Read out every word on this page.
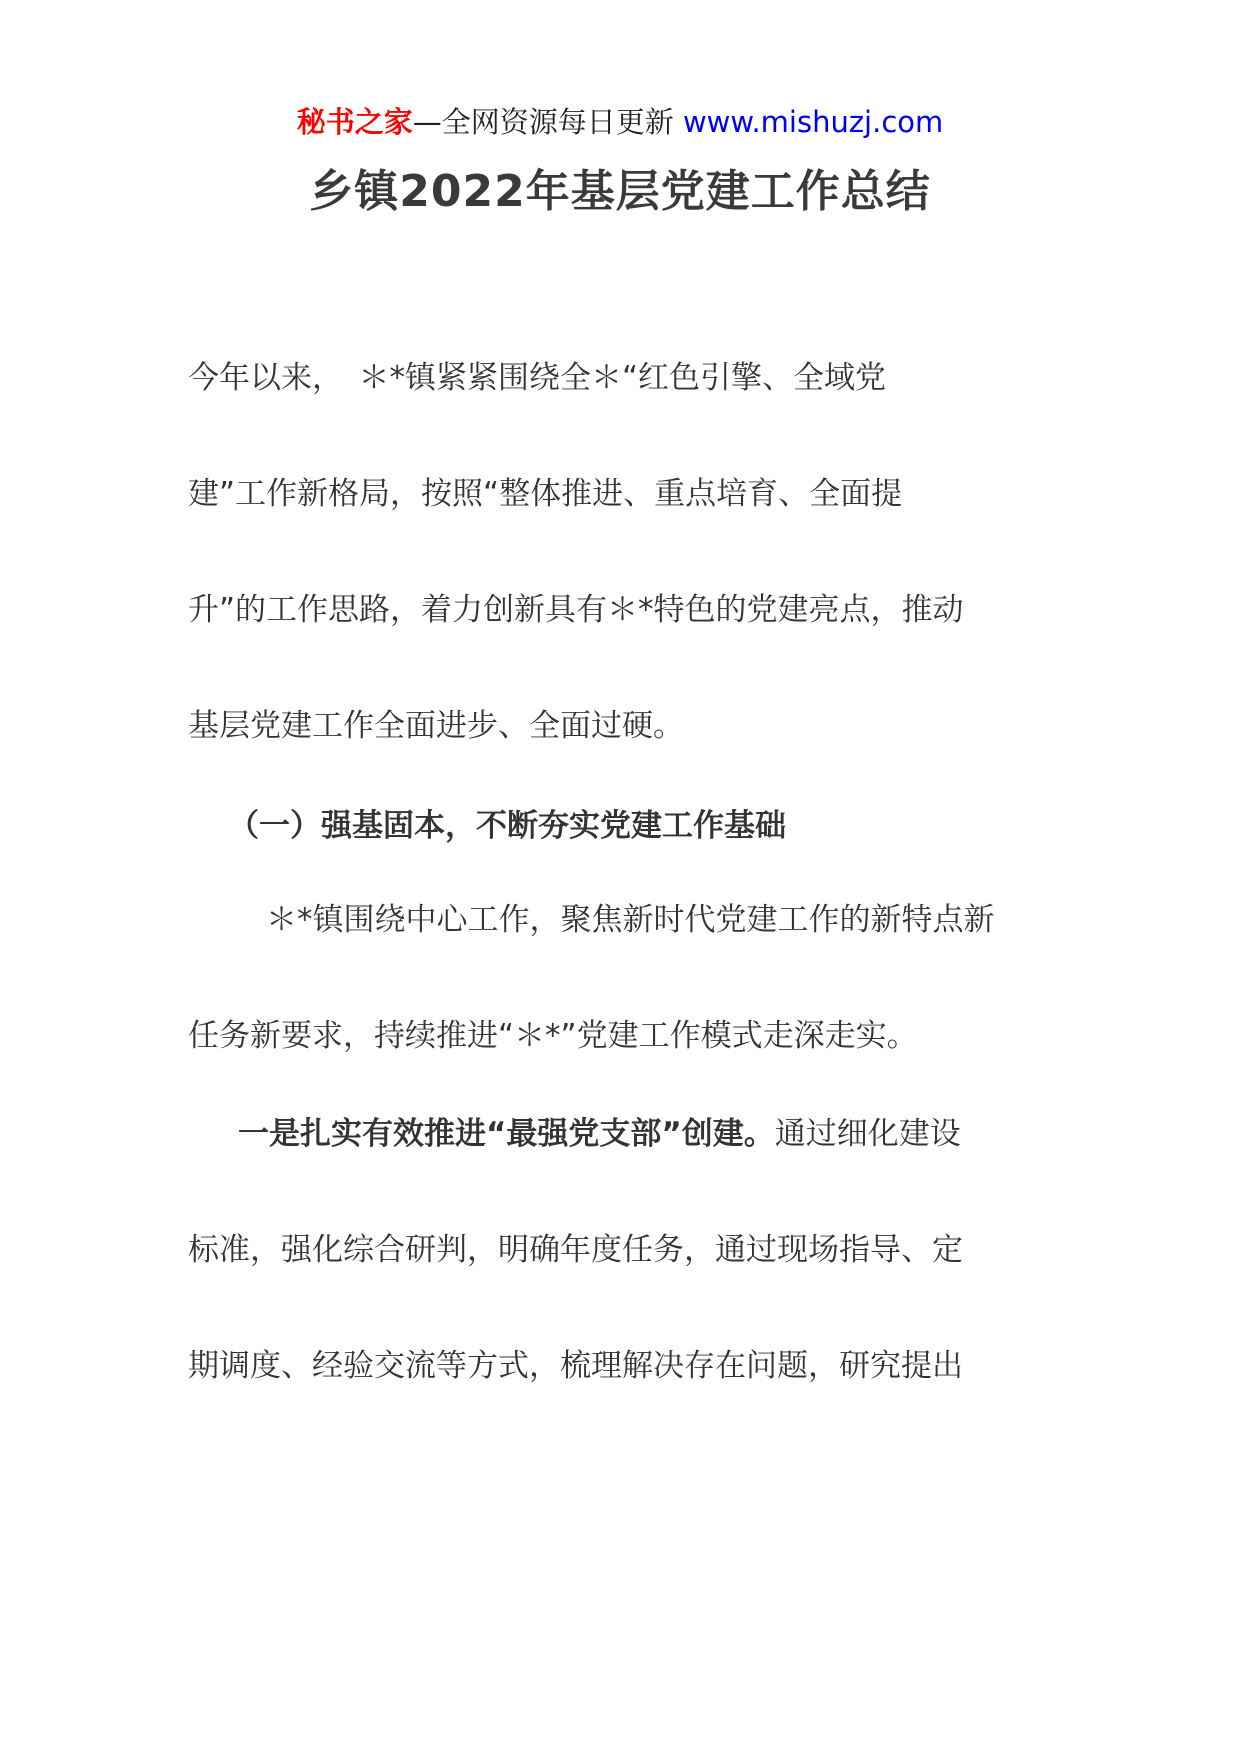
秘书之家—全网资源每日更新 www.mishuzj.com
乡镇2022年基层党建工作总结
今年以来，　＊*镇紧紧围绕全＊“红色引擎、全域党
建”工作新格局，按照“整体推进、重点培育、全面提
升”的工作思路，着力创新具有＊*特色的党建亮点，推动
基层党建工作全面进步、全面过硬。
（一）强基固本，不断夯实党建工作基础
＊*镇围绕中心工作，聚焦新时代党建工作的新特点新
任务新要求，持续推进“＊*”党建工作模式走深走实。
一是扎实有效推进“最强党支部”创建。通过细化建设
标准，强化综合研判，明确年度任务，通过现场指导、定
期调度、经验交流等方式，梳理解决存在问题，研究提出
